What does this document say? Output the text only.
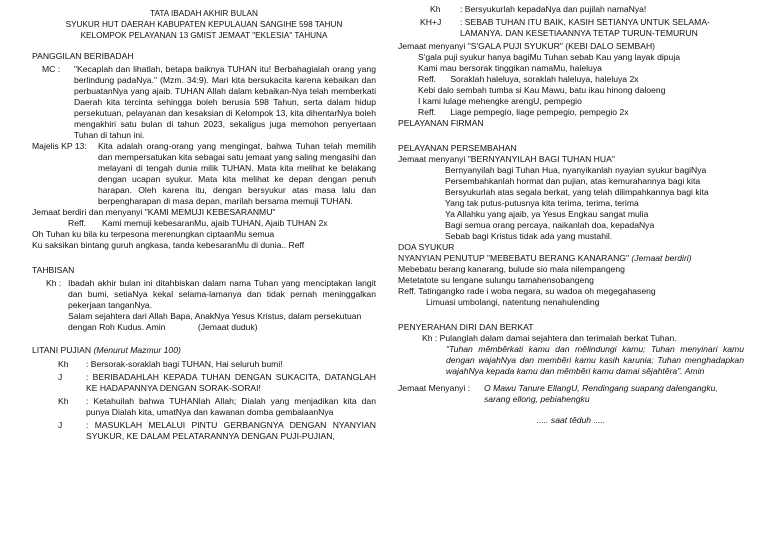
TATA IBADAH AKHIR BULAN
SYUKUR HUT DAERAH KABUPATEN KEPULAUAN SANGIHE 598 TAHUN
KELOMPOK PELAYANAN 13 GMIST JEMAAT "EKLESIA" TAHUNA
PANGGILAN BERIBADAH
MC :	"Kecaplah dan lihatlah, betapa baiknya TUHAN itu! Berbahagialah orang yang berlindung padaNya." (Mzm. 34:9). Mari kita bersukacita karena kebaikan dan perbuatanNya yang ajaib. TUHAN Allah dalam kebaikan-Nya telah memberkati Daerah kita tercinta sehingga boleh berusia 598 Tahun, serta dalam hidup persekutuan, pelayanan dan kesaksian di Kelompok 13, kita dihentarNya boleh mengakhiri satu bulan di tahun 2023, sekaligus juga memohon penyertaan Tuhan di tahun ini.
Majelis KP 13:	Kita adalah orang-orang yang mengingat, bahwa Tuhan telah memilih dan mempersatukan kita sebagai satu jemaat yang saling mengasihi dan melayani di tengah dunia milik TUHAN. Mata kita melihat ke belakang dengan ucapan syukur. Mata kita melihat ke depan dengan penuh harapan. Oleh karena itu, dengan bersyukur atas masa lalu dan berpengharapan di masa depan, marilah bersama memuji TUHAN.
Jemaat berdiri dan menyanyi "KAMI MEMUJI KEBESARANMU"
Reff.	Kami memuji kebesaranMu, ajaib TUHAN, Ajaib TUHAN 2x
Oh Tuhan ku bila ku terpesona merenungkan ciptaanMu semua
Ku saksikan bintang guruh angkasa, tanda kebesaranMu di dunia.. Reff
TAHBISAN
Kh : Ibadah akhir bulan ini ditahbiskan dalam nama Tuhan yang menciptakan langit dan bumi, setiaNya kekal selama-lamanya dan tidak pernah meninggalkan pekerjaan tanganNya.
Salam sejahtera dari Allah Bapa, AnakNya Yesus Kristus, dalam persekutuan dengan Roh Kudus. Amin	(Jemaat duduk)
LITANI PUJIAN (Menurut Mazmur 100)
Kh	: Bersorak-soraklah bagi TUHAN, Hai seluruh bumi!
J	: BERIBADAHLAH KEPADA TUHAN DENGAN SUKACITA, DATANGLAH KE HADAPANNYA DENGAN SORAK-SORAI!
Kh	: Ketahuilah bahwa TUHANlah Allah; Dialah yang menjadikan kita dan punya Dialah kita, umatNya dan kawanan domba gembalaanNya
J	: MASUKLAH MELALUI PINTU GERBANGNYA DENGAN NYANYIAN SYUKUR, KE DALAM PELATARANNYA DENGAN PUJI-PUJIAN,
Kh	: Bersyukurlah kepadaNya dan pujilah namaNya!
KH+J	: SEBAB TUHAN ITU BAIK, KASIH SETIANYA UNTUK SELAMA-LAMANYA. DAN KESETIAANNYA TETAP TURUN-TEMURUN
Jemaat menyanyi "S'GALA PUJI SYUKUR" (KEBI DALO SEMBAH)
S'gala puji syukur hanya bagiMu Tuhan sebab Kau yang layak dipuja
Kami mau bersorak tinggikan namaMu, haleluya
Reff.      Soraklah haleluya, soraklah haleluya, haleluya 2x
Kebi dalo sembah tumba si Kau Mawu, batu ikau hinong daloeng
I kami lulage mehengke arengU, pempegio
Reff.      Liage pempegio, liage pempegio, pempegio 2x
PELAYANAN FIRMAN
PELAYANAN PERSEMBAHAN
Jemaat menyanyi "BERNYANYILAH BAGI TUHAN HUA"
Bernyanyilah bagi Tuhan Hua, nyanyikanlah nyayian syukur bagiNya
Persembahkanlah hormat dan pujian, atas kemurahannya bagi kita
Bersyukurlah atas segala berkat, yang telah dilimpahkannya bagi kita
Yang tak putus-putusnya kita terima, terima, terima
Ya Allahku yang ajaib, ya Yesus Engkau sangat mulia
Bagi semua orang percaya, naikanlah doa, kepadaNya
Sebab bagi Kristus tidak ada yang mustahil.
DOA SYUKUR
NYANYIAN PENUTUP "MEBEBATU BERANG KANARANG" (Jemaat berdiri)
Mebebatu berang kanarang, bulude sio mala nilempangeng
Metetatote su lengane sulungu tamahensobangeng
Reff. Tatingangko rade i woba negara, su wadoa oh megegahaseng
Limuasi umbolangi, natentung nenahulending
PENYERAHAN DIRI DAN BERKAT
Kh : Pulanglah dalam damai sejahtera dan terimalah berkat Tuhan.
"Tuhan mĕmbĕrkati kamu dan mĕlindungi kamu; Tuhan menyinari kamu dengan wajahNya dan membĕri kamu kasih karunia; Tuhan menghadapkan wajahNya kepada kamu dan mĕmbĕri kamu damai sĕjahtĕra". Amin
Jemaat Menyanyi :	O Mawu Tanure EllangU, Rendingang suapang dalengangku, sarang ellong, pebiahengku
..... saat tĕduh .....
